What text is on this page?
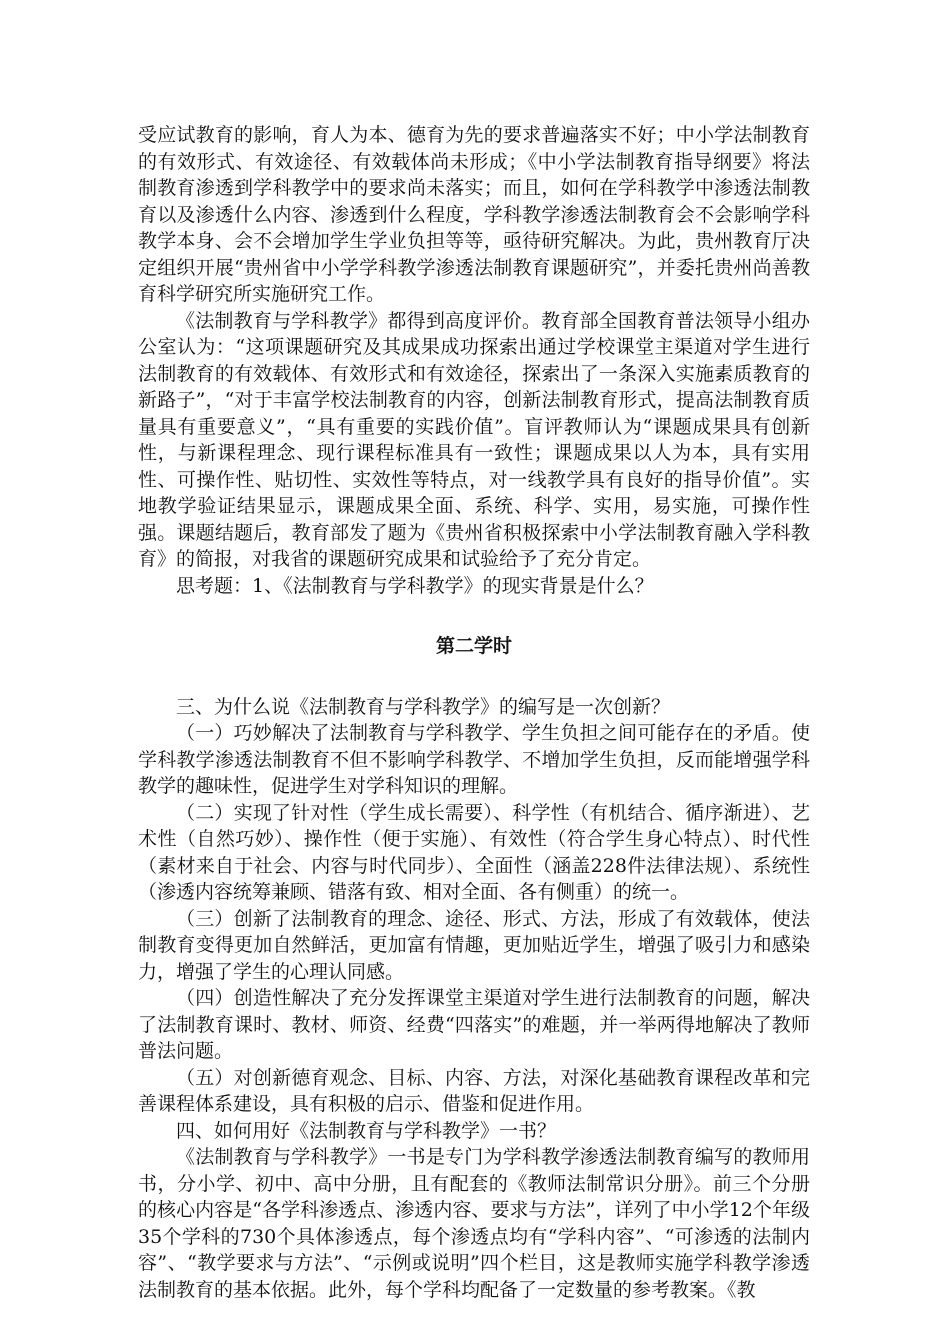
受应试教育的影响，育人为本、德育为先的要求普遍落实不好；中小学法制教育的有效形式、有效途径、有效载体尚未形成；《中小学法制教育指导纲要》将法制教育渗透到学科教学中的要求尚未落实；而且，如何在学科教学中渗透法制教育以及渗透什么内容、渗透到什么程度，学科教学渗透法制教育会不会影响学科教学本身、会不会增加学生学业负担等等，亟待研究解决。为此，贵州教育厅决定组织开展“贵州省中小学学科教学渗透法制教育课题研究”，并委托贵州尚善教育科学研究所实施研究工作。

《法制教育与学科教学》都得到高度评价。教育部全国教育普法领导小组办公室认为：“这项课题研究及其成果成功探索出通过学校课堂主渠道对学生进行法制教育的有效载体、有效形式和有效途径，探索出了一条深入实施素质教育的新路子”，“对于丰富学校法制教育的内容，创新法制教育形式，提高法制教育质量具有重要意义”，“具有重要的实践价值”。盲评教师认为“课题成果具有创新性，与新课程理念、现行课程标准具有一致性；课题成果以人为本，具有实用性、可操作性、贴切性、实效性等特点，对一线教学具有良好的指导价值”。实地教学验证结果显示，课题成果全面、系统、科学、实用，易实施，可操作性强。课题结题后，教育部发了题为《贵州省积极探索中小学法制教育融入学科教育》的简报，对我省的课题研究成果和试验给予了充分肯定。

思考题：1、《法制教育与学科教学》的现实背景是什么？

第二学时

三、为什么说《法制教育与学科教学》的编写是一次创新？

（一）巧妙解决了法制教育与学科教学、学生负担之间可能存在的矛盾。使学科教学渗透法制教育不但不影响学科教学、不增加学生负担，反而能增强学科教学的趣味性，促进学生对学科知识的理解。

（二）实现了针对性（学生成长需要）、科学性（有机结合、循序渐进）、艺术性（自然巧妙）、操作性（便于实施）、有效性（符合学生身心特点）、时代性（素材来自于社会、内容与时代同步）、全面性（涵盖228件法律法规）、系统性（渗透内容统筹兼顾、错落有致、相对全面、各有侧重）的统一。

（三）创新了法制教育的理念、途径、形式、方法，形成了有效载体，使法制教育变得更加自然鲜活，更加富有情趣，更加贴近学生，增强了吸引力和感染力，增强了学生的心理认同感。

（四）创造性解决了充分发挥课堂主渠道对学生进行法制教育的问题，解决了法制教育课时、教材、师资、经费“四落实”的难题，并一举两得地解决了教师普法问题。

（五）对创新德育观念、目标、内容、方法，对深化基础教育课程改革和完善课程体系建设，具有积极的启示、借鉴和促进作用。

四、如何用好《法制教育与学科教学》一书？

《法制教育与学科教学》一书是专门为学科教学渗透法制教育编写的教师用书，分小学、初中、高中分册，且有配套的《教师法制常识分册》。前三个分册的核心内容是“各学科渗透点、渗透内容、要求与方法”，详列了中小学12个年级35个学科的730个具体渗透点，每个渗透点均有“学科内容”、“可渗透的法制内容”、“教学要求与方法”、“示例或说明”四个栏目，这是教师实施学科教学渗透法制教育的基本依据。此外，每个学科均配备了一定数量的参考教案。《教
